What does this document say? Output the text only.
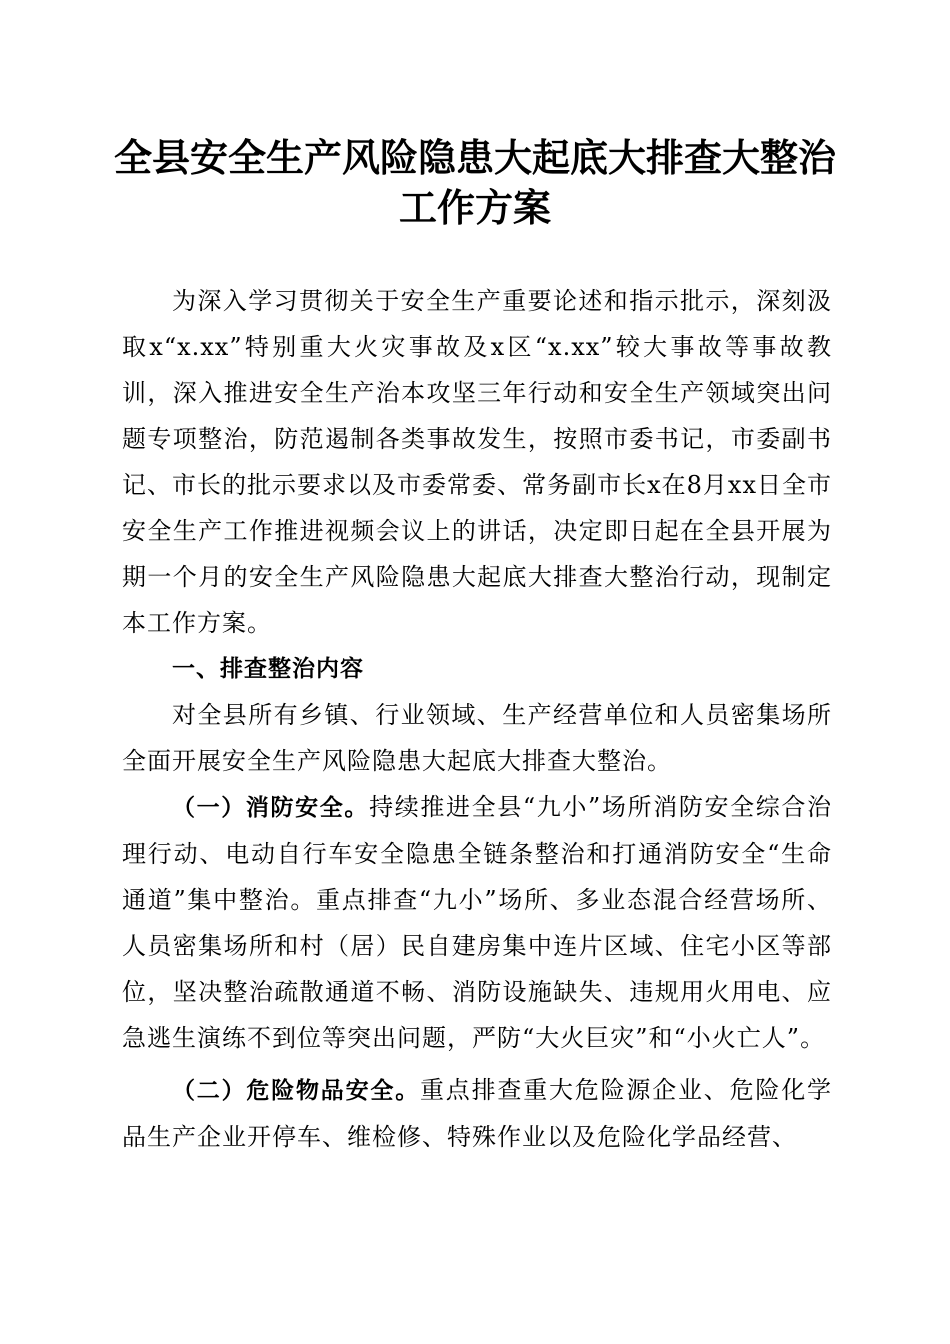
全县安全生产风险隐患大起底大排查大整治工作方案

为深入学习贯彻关于安全生产重要论述和指示批示，深刻汲取x“x.xx”特别重大火灾事故及x区“x.xx”较大事故等事故教训，深入推进安全生产治本攻坚三年行动和安全生产领域突出问题专项整治，防范遏制各类事故发生，按照市委书记，市委副书记、市长的批示要求以及市委常委、常务副市长x在8月xx日全市安全生产工作推进视频会议上的讲话，决定即日起在全县开展为期一个月的安全生产风险隐患大起底大排查大整治行动，现制定本工作方案。

一、排查整治内容

对全县所有乡镇、行业领域、生产经营单位和人员密集场所全面开展安全生产风险隐患大起底大排查大整治。

（一）消防安全。持续推进全县“九小”场所消防安全综合治理行动、电动自行车安全隐患全链条整治和打通消防安全“生命通道”集中整治。重点排查“九小”场所、多业态混合经营场所、人员密集场所和村（居）民自建房集中连片区域、住宅小区等部位，坚决整治疏散通道不畅、消防设施缺失、违规用火用电、应急逃生演练不到位等突出问题，严防“大火巨灾”和“小火亡人”。

（二）危险物品安全。重点排查重大危险源企业、危险化学品生产企业开停车、维检修、特殊作业以及危险化学品经营、
